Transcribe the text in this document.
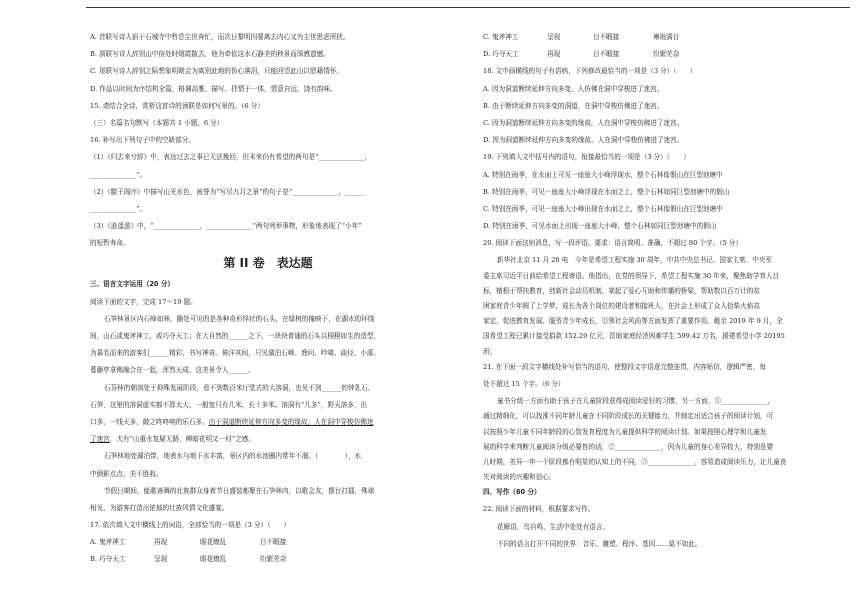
A. 首联写诗人宿于石城寺中暂息尘世奔忙，而次日黎明因要离去内心又为尘世思虑所扰。
B. 颔联写诗人辞别山中宿处时烟霞散去，他为牵依这水石静美的秋景而深感遗憾。
C. 尾联写诗人辞别之际想象明朝会为离别此地的伤心落泪，只能回望此山以慰藉情怀。
D. 作品以时间为序结构全篇，格调高雅，描写、抒情于一体，情意自远，饶有韵味。
15. 请结合全诗，赏析这首诗的颈联是如何写景的。（6 分）
（三）名篇名句默写（本题共 1 小题，6 分）
16. 补写出下列句子中的空缺部分。
（1）《归去来兮辞》中，表达过去之事已无法挽回，但未来仍有希望的两句是“______________，
______________”。
（2）《滕王阁序》中描写山光水色，被誉为“写尽九月之景”的句子是“______________，______
______________”。
（3）《逍遥游》中，“______________，______________”两句列举事物，形象地表现了“小年”
的短暂寿命。
第 II 卷　表达题
三、语言文字运用（20 分）
阅读下面的文字，完成 17～19 题。
石笋林景区内石峰如林，随处可见的是各种奇形怪状的石头，在绿树的掩映下，在湖水的环绕
间，山石或鬼斧神工，或巧夺天工；在大自然的______之下，一块块普通的石头以栩栩如生的造型，
为慕名而来的游客们______精彩，书写神奇。倚洋其间，只见湖泊石峰、渔问、吟啸、曲径、小溪、
蔓藤亭拿佛融合在一起，浑然天成，这美景令人______。
石芬林的朝溶处于抑殊发展阶段，看不到数百米厅堂式的大溶洞，也见不到______的钟乳石、
石笋，这里的溶洞虚实都不算太大，一般宽只有几米，长十多米。溶洞有“几多”，野天溶多，出
口多，一线天多，敲之咚咚响的乐石多。由于洞道断续延伸方向多变的缘故，人在洞中穿梭仿佛迷
了迷宫，犬有“山重水复疑无路，柳暗花明又一村”之感。
石笋林地处湖泊带，地表水与地下水丰富，景区内的水池圈内常年不涸。（　　　　），水
中倒影点点，美不胜收。
节假日期间，能歌善舞的壮族群众身着节日盛装都聚在石笋林内，以歌会友，摆台打擂，殊球
相见，为游客打造出浓郁的壮族风情文化盛宴。
17. 依次填入文中横线上的词语，全部恰当的一项是（3 分）（　　）
A. 鬼斧神工	再现	眼花缭乱	目不暇接
B. 巧夺天工	呈现	眼花缭乱	纷繁芜杂
C. 鬼斧神工	呈现	目不暇接	琳琅满目
D. 巧夺天工	再现	目不暇接	纷繁芜杂
18. 文中画横线的句子有语病，下列修改最恰当的一项是（3 分）（　　）
A. 因为洞道断续延伸方向多变，人仿佛在洞中穿梭进了迷宫。
B. 由于断续延伸方向多变的洞道，在洞中穿梭仿佛进了迷宫。
C. 因为洞道断续延伸方向多变的缘故，人在洞中穿梭仿佛进了迷宫。
D. 因为洞道断续延伸方向多变的缘故，人在洞中穿梭仿佛进了迷宫。
19. 下列填入文中括号内的语句，衔接最恰当的一项是（3 分）（　　）
A. 特别在雨季，在水面上可见一座座大小峰浮现水，整个石林像假山在巨型池塘中
B. 特别在雨季，可见一座座大小峰浮现在水面之上，整个石林如同巨型池塘中的假山
C. 特别在雨季，可见一座座大小峰出现在水面之上，整个石林像假山在巨型池塘中
D. 特别在雨季，可见水面上出现一座座大小峰，整个石林如同巨型池塘中的假山
20. 阅读下面这则消息，写一段评语。要求：语言简明、准确，不超过 80 个字。（5 分）
新华社北京 11 月 20 电　今年是希望工程实施 30 周年，中共中央总书记、国家主席、中央军
委主席习近平日前给希望工程寄语。他指出，在党的领导下，希望工程实施 30 年来，聚焦助学育人目
标，植根于帮扶教育，创新社会动员机制，架起了爱心互助和传播的桥梁，帮助数以百万计的贫
困家庭青少年圆了上学梦，成长为各个岗位的建设者和接班人，在社会上形成了众人拾柴火焰高
家定，促进教育发展、服务青少年成长，引领社会风尚等方面发挥了重要作用。截至 2019 年 9 月，全
国希望工程已累计接受捐款 152.29 亿元，资助家庭经济困难学生 599.42 万名，援建希望小学 20195
所。
21. 在下面一段文字横线处补写恰当的语句，使整段文字语意完整连贯，内容贴切，逻辑严密，每
处不超过 15 个字。（6 分）
童书分级一方面有助于孩子在儿童阶段获得成阅读爱好的习惯，另一方面，①______________，
通过精细化，可以找准不同年龄儿童在不同阶段成长的关键能力，并制定出适合孩子的阅读计划，可
以按照少年儿童不同年龄段的心智发育程度为儿童提供科学的阅读计划。如果按照心理学和儿童发
展的科学来判断儿童阅读分级必要性的话，②______________，因为儿童的身心差异较大，特别是婴
儿时期，差异一年一个阶段都有明显的认知上的不同，③______________，容易造成阅读压力，让儿童丧
失对阅读的兴趣和信心。
四、写作（60 分）
22. 阅读下面的材料，根据要求写作。
花解语，鸟自鸣，生活中处处有语言。
不同的语言打开不同的世界：音乐、雕塑、程序、基因……莫不如此。
